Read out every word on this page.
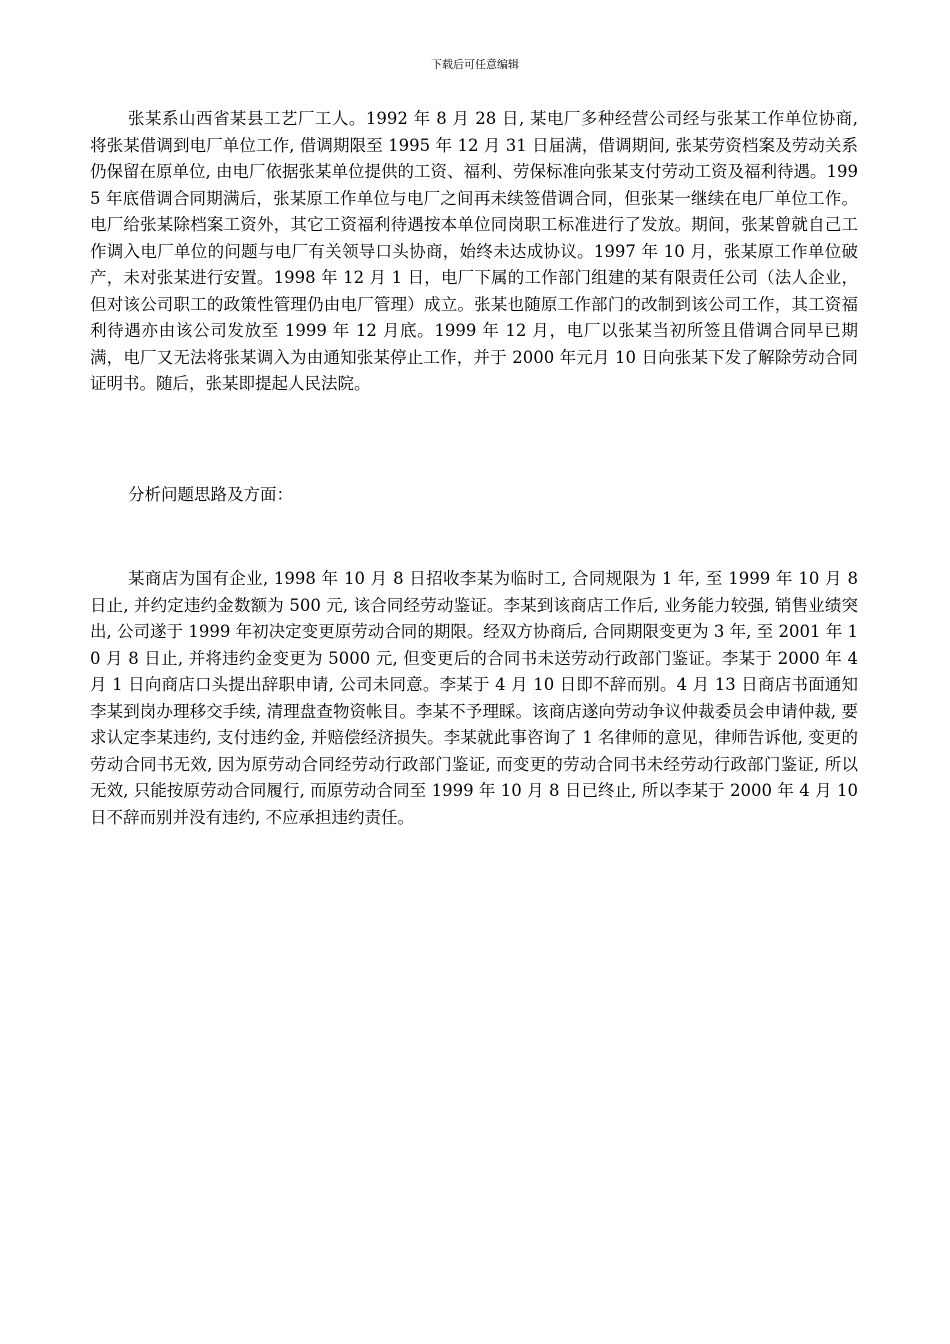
下载后可任意编辑

张某系山西省某县工艺厂工人。1992 年 8 月 28 日, 某电厂多种经营公司经与张某工作单位协商, 将张某借调到电厂单位工作, 借调期限至 1995 年 12 月 31 日届满，借调期间, 张某劳资档案及劳动关系仍保留在原单位, 由电厂依据张某单位提供的工资、福利、劳保标准向张某支付劳动工资及福利待遇。1995 年底借调合同期满后，张某原工作单位与电厂之间再未续签借调合同，但张某一继续在电厂单位工作。电厂给张某除档案工资外，其它工资福利待遇按本单位同岗职工标准进行了发放。期间，张某曾就自己工作调入电厂单位的问题与电厂有关领导口头协商，始终未达成协议。1997 年 10 月，张某原工作单位破产，未对张某进行安置。1998 年 12 月 1 日，电厂下属的工作部门组建的某有限责任公司（法人企业，但对该公司职工的政策性管理仍由电厂管理）成立。张某也随原工作部门的改制到该公司工作，其工资福利待遇亦由该公司发放至 1999 年 12 月底。1999 年 12 月，电厂以张某当初所签且借调合同早已期满，电厂又无法将张某调入为由通知张某停止工作，并于 2000 年元月 10 日向张某下发了解除劳动合同证明书。随后，张某即提起人民法院。

分析问题思路及方面：

某商店为国有企业, 1998 年 10 月 8 日招收李某为临时工, 合同规限为 1 年, 至 1999 年 10 月 8 日止, 并约定违约金数额为 500 元, 该合同经劳动鉴证。李某到该商店工作后, 业务能力较强, 销售业绩突出, 公司遂于 1999 年初决定变更原劳动合同的期限。经双方协商后, 合同期限变更为 3 年, 至 2001 年 10 月 8 日止, 并将违约金变更为 5000 元, 但变更后的合同书未送劳动行政部门鉴证。李某于 2000 年 4 月 1 日向商店口头提出辞职申请, 公司未同意。李某于 4 月 10 日即不辞而别。4 月 13 日商店书面通知李某到岗办理移交手续, 清理盘查物资帐目。李某不予理睬。该商店遂向劳动争议仲裁委员会申请仲裁, 要求认定李某违约, 支付违约金, 并赔偿经济损失。李某就此事咨询了 1 名律师的意见，律师告诉他, 变更的劳动合同书无效, 因为原劳动合同经劳动行政部门鉴证, 而变更的劳动合同书未经劳动行政部门鉴证, 所以无效, 只能按原劳动合同履行, 而原劳动合同至 1999 年 10 月 8 日已终止, 所以李某于 2000 年 4 月 10 日不辞而别并没有违约, 不应承担违约责任。
